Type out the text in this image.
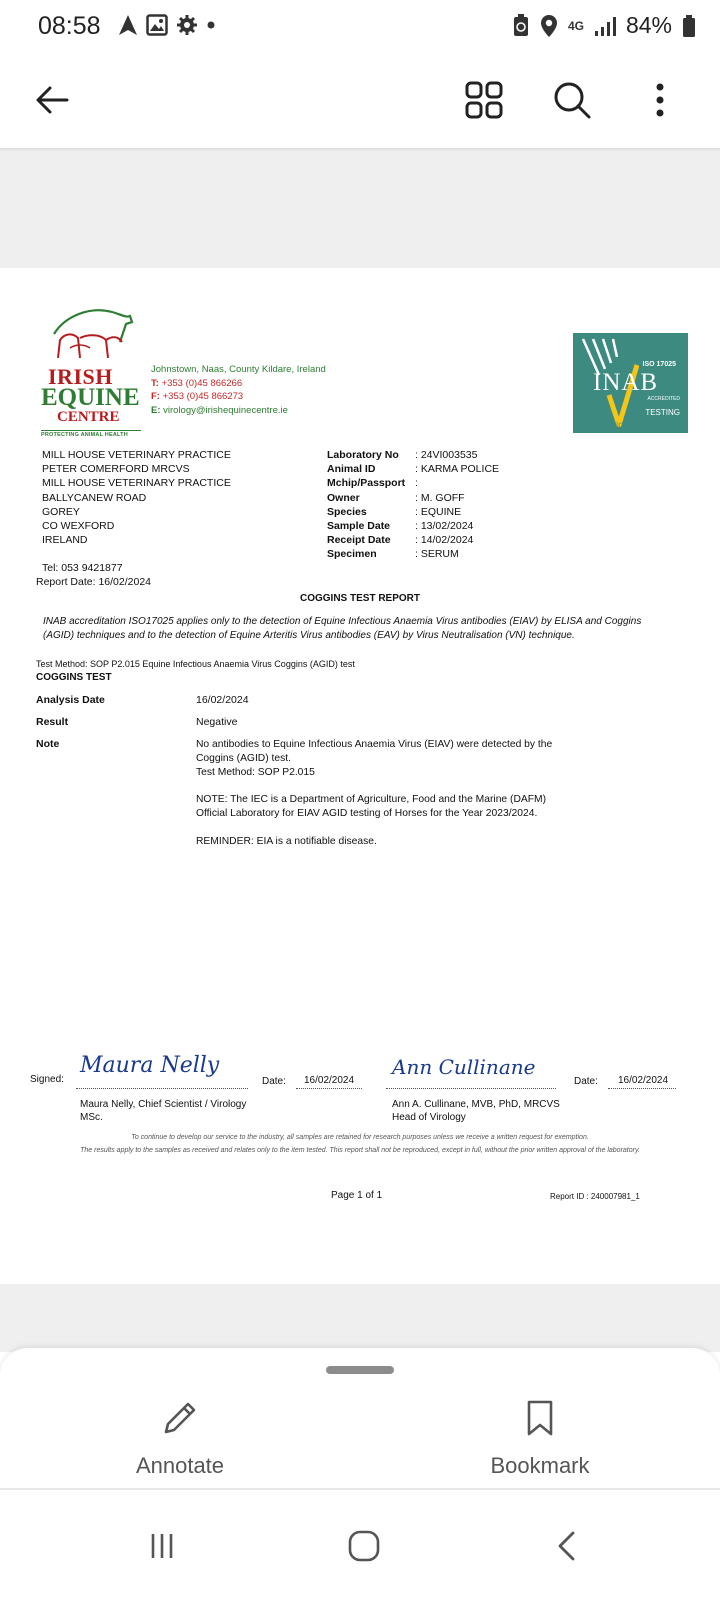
08:58	4G 84%
IRISH
EQUINE
CENTRE
PROTECTING ANIMAL HEALTH
Johnstown, Naas, County Kildare, Ireland
T: +353 (0)45 866266
F: +353 (0)45 866273
E: virology@irishequinecentre.ie
ISO 17025
INAB
ACCREDITED
TESTING
DETAILED IN SCOPE REG NO. 151T
MILL HOUSE VETERINARY PRACTICE
PETER COMERFORD MRCVS
MILL HOUSE VETERINARY PRACTICE
BALLYCANEW ROAD
GOREY
CO WEXFORD
IRELAND
Laboratory No	: 24VI003535
Animal ID	: KARMA POLICE
Mchip/Passport :
Owner	: M. GOFF
Species	: EQUINE
Sample Date	: 13/02/2024
Receipt Date	: 14/02/2024
Specimen	: SERUM
Tel: 053 9421877
Report Date: 16/02/2024
COGGINS TEST REPORT
INAB accreditation ISO17025 applies only to the detection of Equine Infectious Anaemia Virus antibodies (EIAV) by ELISA and Coggins (AGID) techniques and to the detection of Equine Arteritis Virus antibodies (EAV) by Virus Neutralisation (VN) technique.
Test Method: SOP P2.015 Equine Infectious Anaemia Virus Coggins (AGID) test
COGGINS TEST
Analysis Date	16/02/2024
Result	Negative
Note	No antibodies to Equine Infectious Anaemia Virus (EIAV) were detected by the Coggins (AGID) test.
Test Method: SOP P2.015

NOTE: The IEC is a Department of Agriculture, Food and the Marine (DAFM) Official Laboratory for EIAV AGID testing of Horses for the Year 2023/2024.

REMINDER: EIA is a notifiable disease.

Signed:
Maura Nelly
Date: 16/02/2024
Maura Nelly, Chief Scientist / Virology
MSc.
Ann Cullinane
Date: 16/02/2024
Ann A. Cullinane, MVB, PhD, MRCVS
Head of Virology
To continue to develop our service to the industry, all samples are retained for research purposes unless we receive a written request for exemption.
The results apply to the samples as received and relates only to the item tested. This report shall not be reproduced, except in full, without the prior written approval of the laboratory.
Page 1 of 1	Report ID : 240007981_1
Annotate	Bookmark
